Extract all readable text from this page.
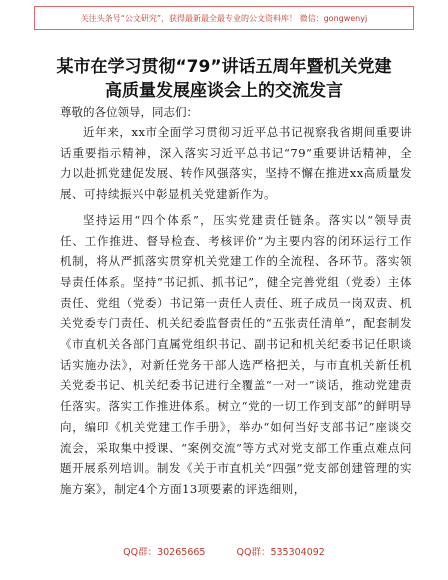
关注头条号“公文研究”，获得最新最全最专业的公文资料库！ 微信：gongwenyj
某市在学习贯彻“79”讲话五周年暨机关党建
高质量发展座谈会上的交流发言
尊敬的各位领导，同志们：

近年来，xx市全面学习贯彻习近平总书记视察我省期间重要讲话重要指示精神，深入落实习近平总书记“79”重要讲话精神，全力以赴抓党建促发展、转作风强落实，坚持不懈在推进xx高质量发展、可持续振兴中彰显机关党建新作为。

坚持运用“四个体系”，压实党建责任链条。落实以“领导责任、工作推进、督导检查、考核评价”为主要内容的闭环运行工作机制，将从严抓落实贯穿机关党建工作的全流程、各环节。落实领导责任体系。坚持“书记抓、抓书记”，健全完善党组（党委）主体责任、党组（党委）书记第一责任人责任、班子成员一岗双责、机关党委专门责任、机关纪委监督责任的“五张责任清单”，配套制发《市直机关各部门直属党组织书记、副书记和机关纪委书记任职谈话实施办法》，对新任党务干部人选严格把关，与市直机关新任机关党委书记、机关纪委书记进行全覆盖“一对一”谈话，推动党建责任落实。落实工作推进体系。树立“党的一切工作到支部”的鲜明导向，编印《机关党建工作手册》，举办“如何当好支部书记”座谈交流会，采取集中授课、“案例交流”等方式对党支部工作重点难点问题开展系列培训。制发《关于市直机关“四强”党支部创建管理的实施方案》，制定4个方面13项要素的评选细则，

QQ群：30265665	QQ群：535304092
